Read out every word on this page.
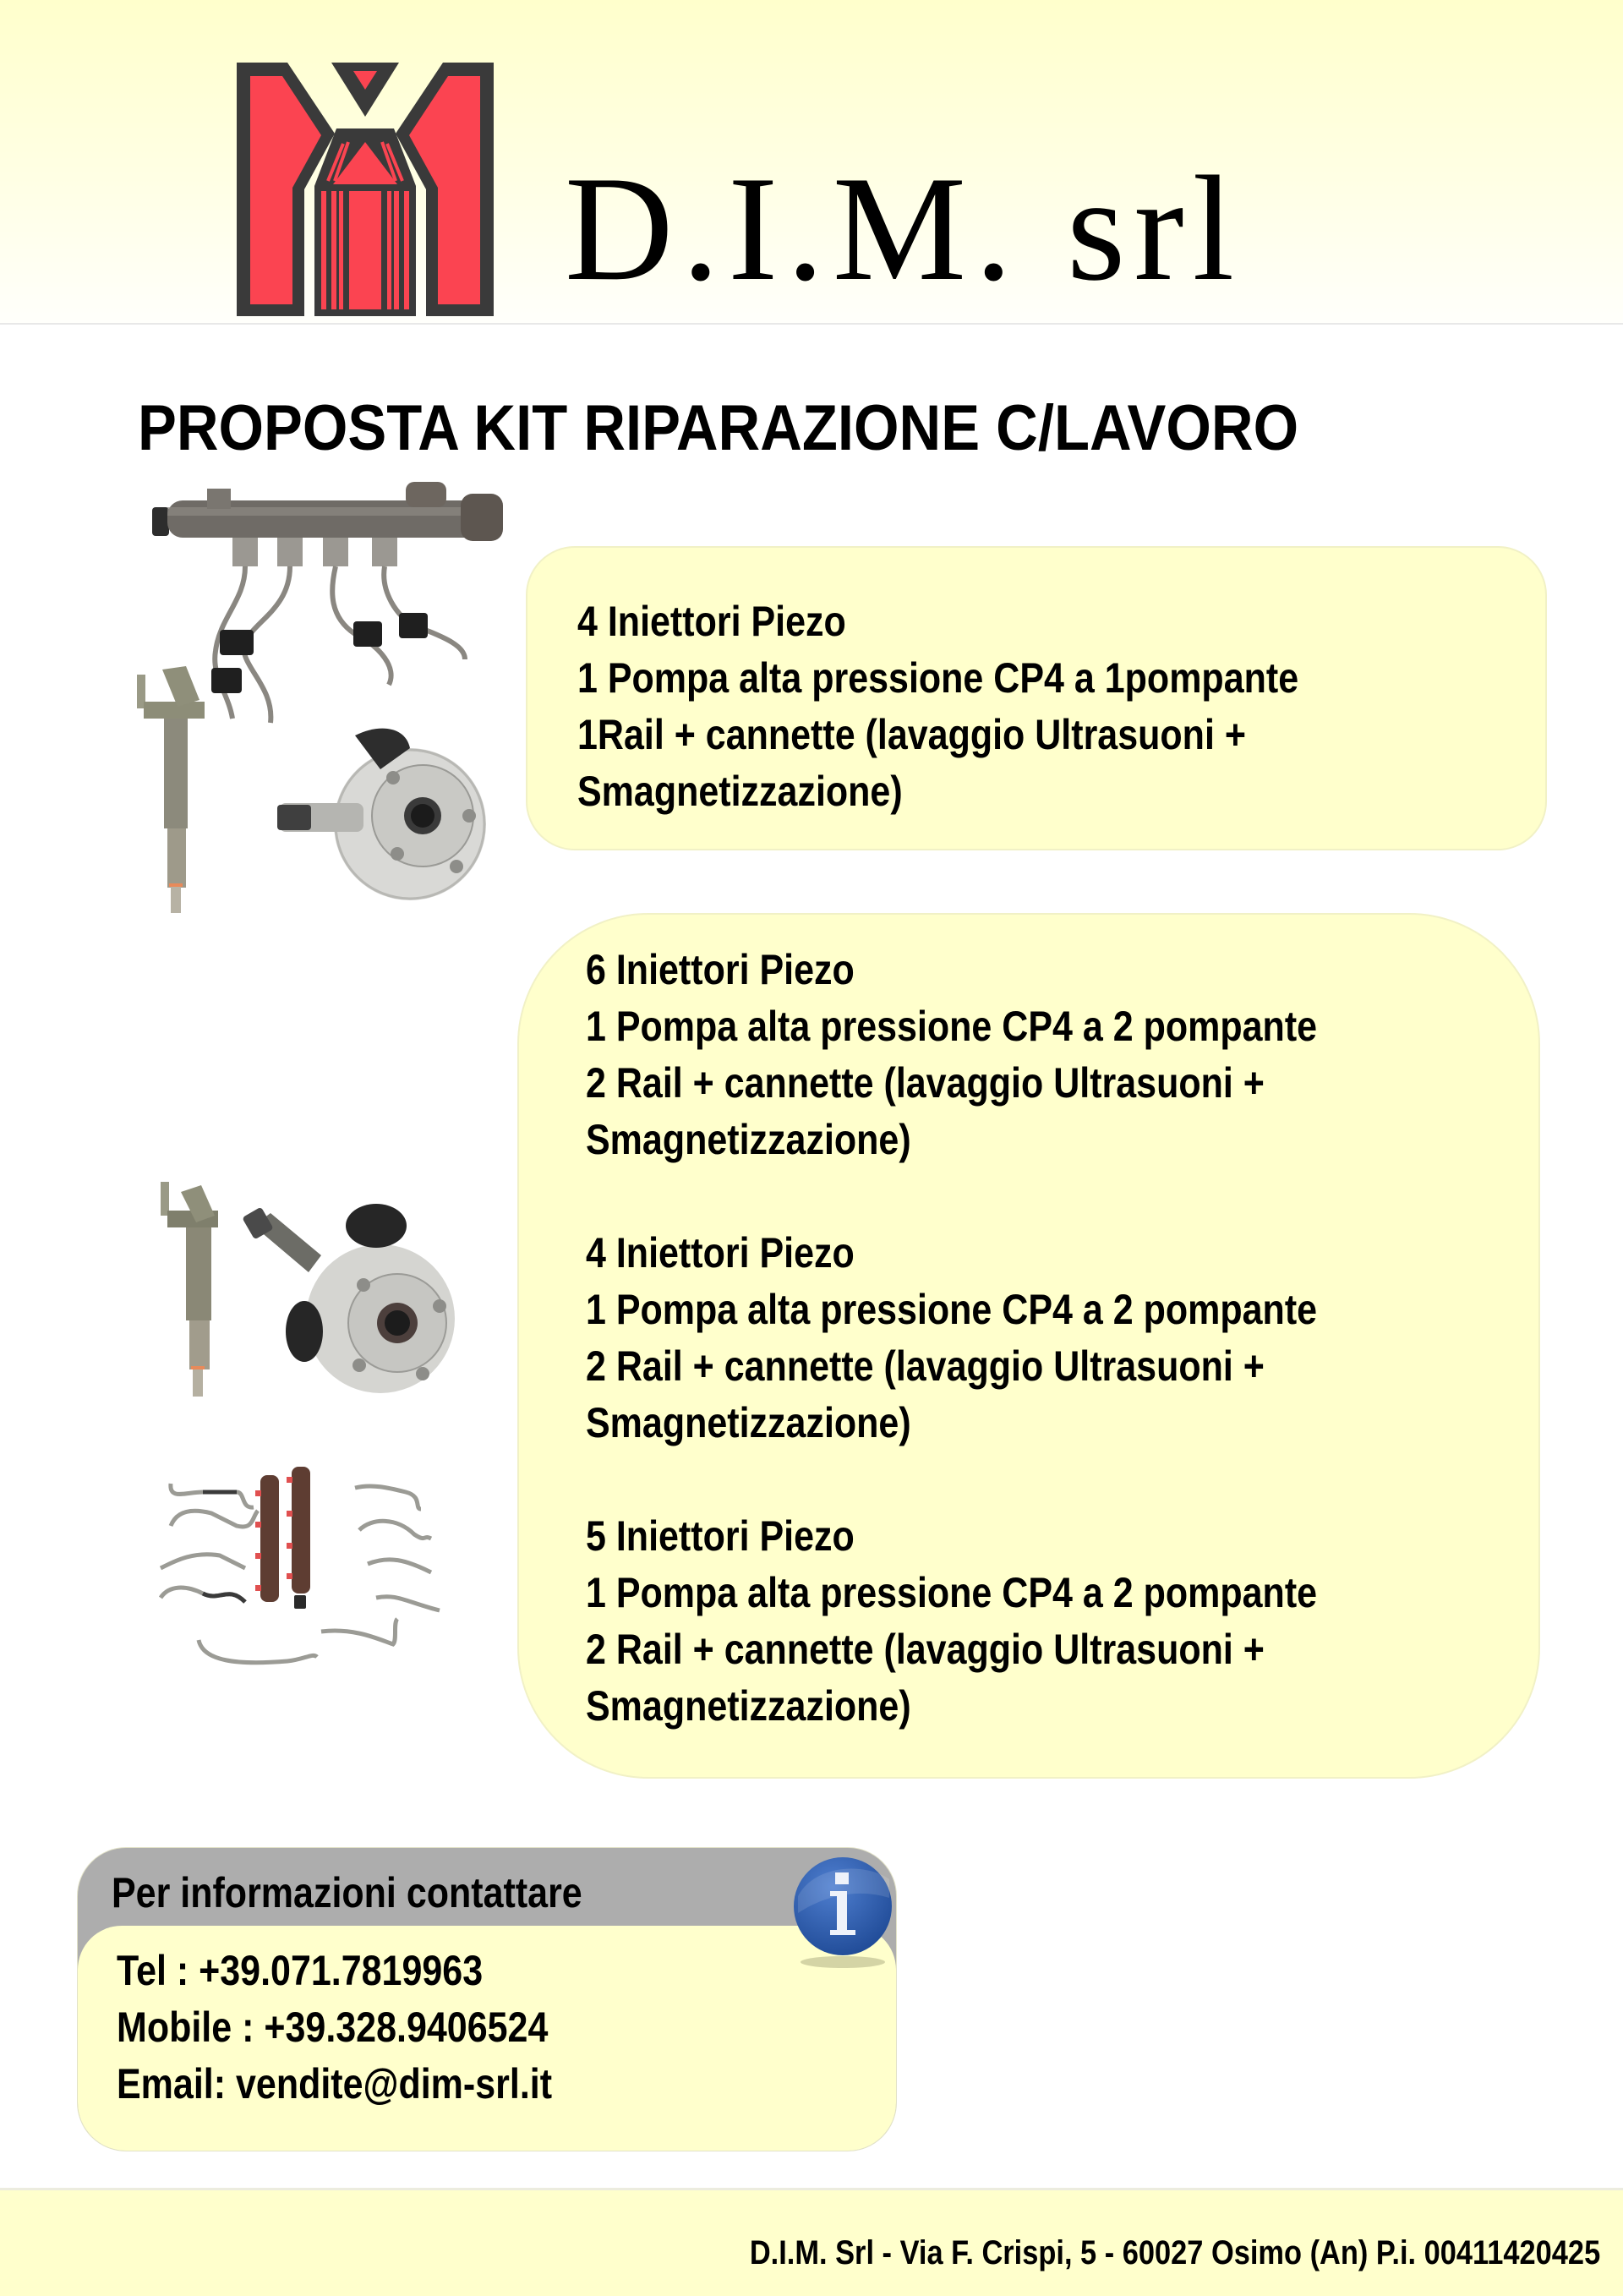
D.I.M. srl
PROPOSTA KIT RIPARAZIONE C/LAVORO
4 Iniettori Piezo
1 Pompa alta pressione CP4 a 1pompante
1Rail + cannette (lavaggio Ultrasuoni +
Smagnetizzazione)
6 Iniettori Piezo
1 Pompa alta pressione CP4 a 2 pompante
2 Rail + cannette (lavaggio Ultrasuoni +
Smagnetizzazione)
4 Iniettori Piezo
1 Pompa alta pressione CP4 a 2 pompante
2 Rail + cannette (lavaggio Ultrasuoni +
Smagnetizzazione)
5 Iniettori Piezo
1 Pompa alta pressione CP4 a 2 pompante
2 Rail + cannette (lavaggio Ultrasuoni +
Smagnetizzazione)
Per informazioni contattare
Tel : +39.071.7819963
Mobile : +39.328.9406524
Email: vendite@dim-srl.it
D.I.M. Srl - Via F. Crispi, 5 - 60027 Osimo (An) P.i. 00411420425
